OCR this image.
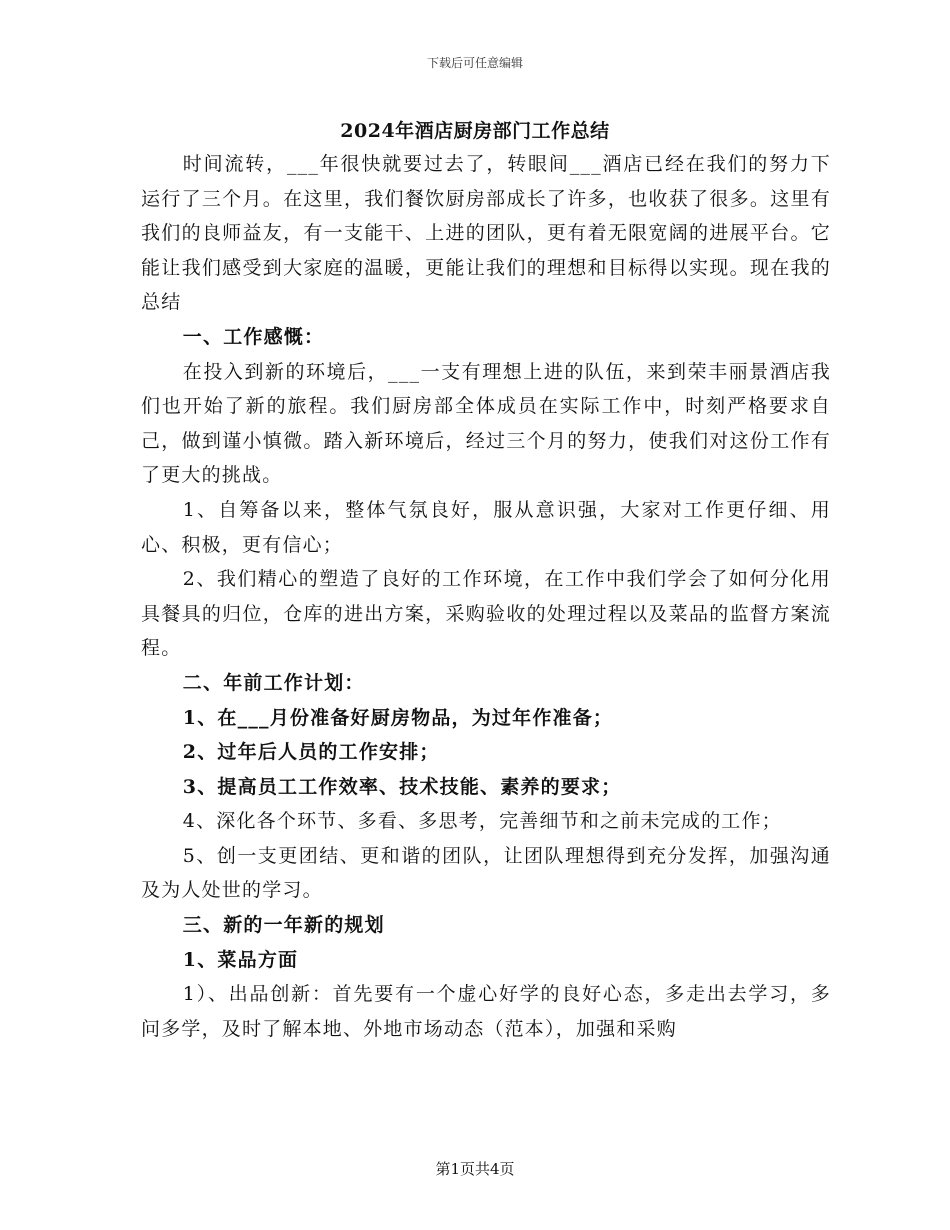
下载后可任意编辑
2024年酒店厨房部门工作总结

时间流转，___年很快就要过去了，转眼间___酒店已经在我们的努力下运行了三个月。在这里，我们餐饮厨房部成长了许多，也收获了很多。这里有我们的良师益友，有一支能干、上进的团队，更有着无限宽阔的进展平台。它能让我们感受到大家庭的温暖，更能让我们的理想和目标得以实现。现在我的总结

一、工作感慨：

在投入到新的环境后，___一支有理想上进的队伍，来到荣丰丽景酒店我们也开始了新的旅程。我们厨房部全体成员在实际工作中，时刻严格要求自己，做到谨小慎微。踏入新环境后，经过三个月的努力，使我们对这份工作有了更大的挑战。

1、自筹备以来，整体气氛良好，服从意识强，大家对工作更仔细、用心、积极，更有信心；

2、我们精心的塑造了良好的工作环境，在工作中我们学会了如何分化用具餐具的归位，仓库的进出方案，采购验收的处理过程以及菜品的监督方案流程。

二、年前工作计划：

1、在___月份准备好厨房物品，为过年作准备；

2、过年后人员的工作安排；

3、提高员工工作效率、技术技能、素养的要求；

4、深化各个环节、多看、多思考，完善细节和之前未完成的工作；

5、创一支更团结、更和谐的团队，让团队理想得到充分发挥，加强沟通及为人处世的学习。

三、新的一年新的规划

1、菜品方面

1）、出品创新：首先要有一个虚心好学的良好心态，多走出去学习，多问多学，及时了解本地、外地市场动态（范本），加强和采购

第1页共4页
